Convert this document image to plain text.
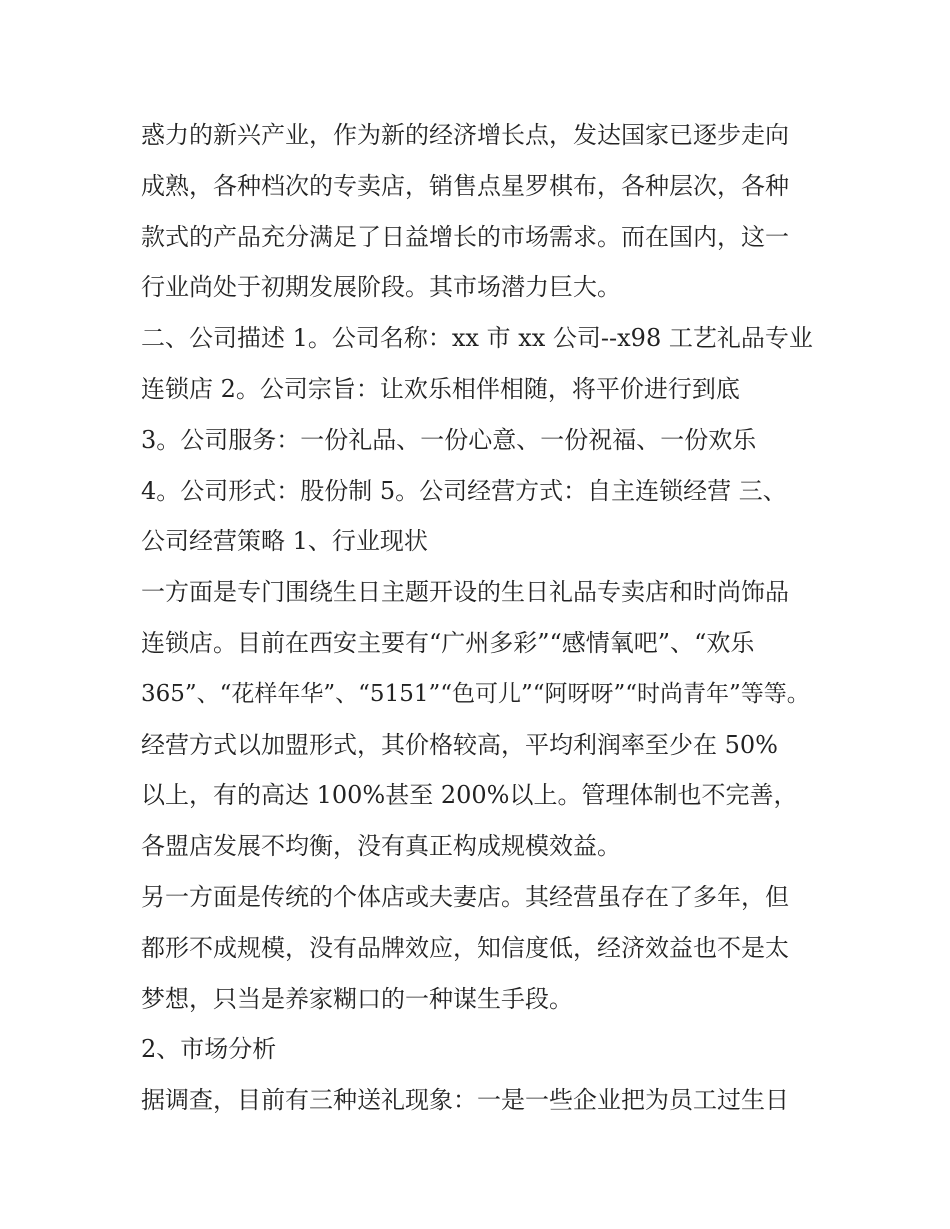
惑力的新兴产业，作为新的经济增长点，发达国家已逐步走向
成熟，各种档次的专卖店，销售点星罗棋布，各种层次，各种
款式的产品充分满足了日益增长的市场需求。而在国内，这一
行业尚处于初期发展阶段。其市场潜力巨大。
二、公司描述 1。公司名称：xx 市 xx 公司--x98 工艺礼品专业
连锁店 2。公司宗旨：让欢乐相伴相随，将平价进行到底
3。公司服务：一份礼品、一份心意、一份祝福、一份欢乐
4。公司形式：股份制 5。公司经营方式：自主连锁经营 三、
公司经营策略 1、行业现状
一方面是专门围绕生日主题开设的生日礼品专卖店和时尚饰品
连锁店。目前在西安主要有“广州多彩”“感情氧吧”、“欢乐
365”、“花样年华”、“5151”“色可儿”“阿呀呀”“时尚青年”等等。
经营方式以加盟形式，其价格较高，平均利润率至少在 50%
以上，有的高达 100%甚至 200%以上。管理体制也不完善，
各盟店发展不均衡，没有真正构成规模效益。
另一方面是传统的个体店或夫妻店。其经营虽存在了多年，但
都形不成规模，没有品牌效应，知信度低，经济效益也不是太
梦想，只当是养家糊口的一种谋生手段。
2、市场分析
据调查，目前有三种送礼现象：一是一些企业把为员工过生日
